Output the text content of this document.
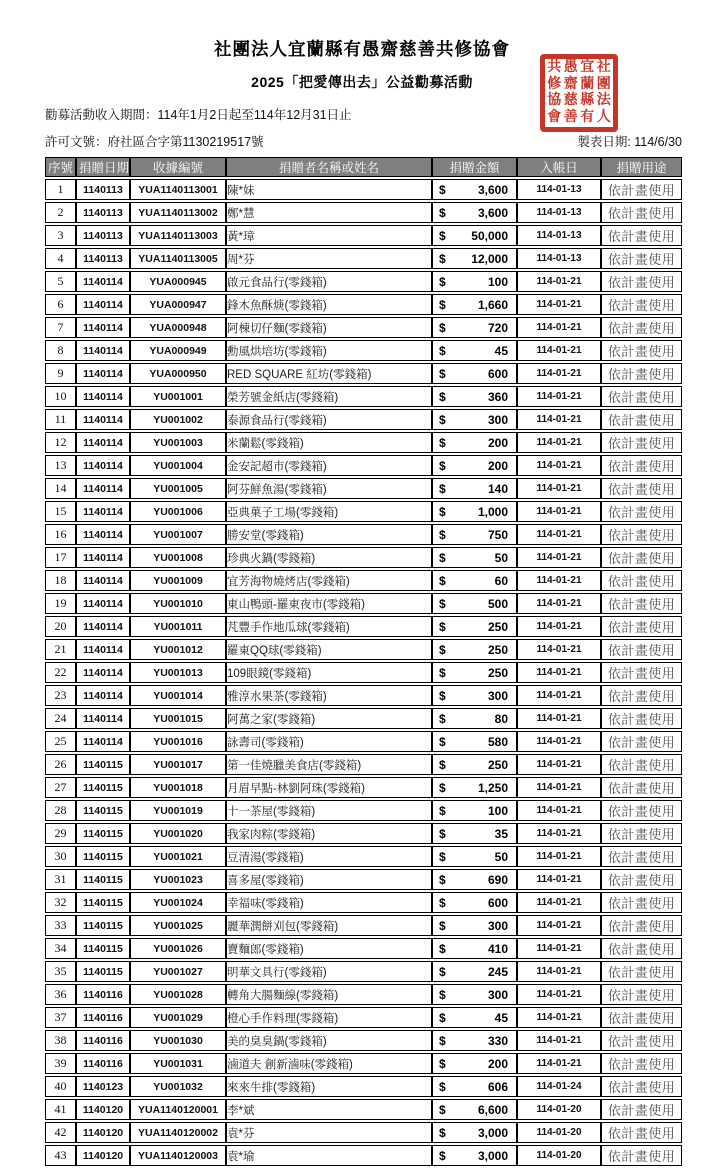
共 愚 宜 社
修 齋 蘭 團
協 慈 縣 法
會 善 有 人
社團法人宜蘭縣有愚齋慈善共修協會
2025「把愛傳出去」公益勸募活動
勸募活動收入期間：114年1月2日起至114年12月31日止
許可文號：府社區合字第1130219517號	製表日期: 114/6/30
序號	捐贈日期	收據編號	捐贈者名稱或姓名	捐贈金額	入帳日	捐贈用途
1	1140113	YUA1140113001	陳*妹	$ 3,600	114-01-13	依計畫使用
2	1140113	YUA1140113002	鄭*慧	$ 3,600	114-01-13	依計畫使用
3	1140113	YUA1140113003	黃*璋	$ 50,000	114-01-13	依計畫使用
4	1140113	YUA1140113005	周*芬	$ 12,000	114-01-13	依計畫使用
5	1140114	YUA000945	啟元食品行(零錢箱)	$ 100	114-01-21	依計畫使用
6	1140114	YUA000947	鋒木魚酥焿(零錢箱)	$ 1,660	114-01-21	依計畫使用
7	1140114	YUA000948	阿棟切仔麵(零錢箱)	$ 720	114-01-21	依計畫使用
8	1140114	YUA000949	勳風烘培坊(零錢箱)	$ 45	114-01-21	依計畫使用
9	1140114	YUA000950	RED SQUARE 紅坊(零錢箱)	$ 600	114-01-21	依計畫使用
10	1140114	YU001001	榮芳號金紙店(零錢箱)	$ 360	114-01-21	依計畫使用
11	1140114	YU001002	泰源食品行(零錢箱)	$ 300	114-01-21	依計畫使用
12	1140114	YU001003	米蘭鬆(零錢箱)	$ 200	114-01-21	依計畫使用
13	1140114	YU001004	金安記超市(零錢箱)	$ 200	114-01-21	依計畫使用
14	1140114	YU001005	阿芬鮮魚湯(零錢箱)	$ 140	114-01-21	依計畫使用
15	1140114	YU001006	亞典菓子工場(零錢箱)	$ 1,000	114-01-21	依計畫使用
16	1140114	YU001007	勝安堂(零錢箱)	$ 750	114-01-21	依計畫使用
17	1140114	YU001008	珍典火鍋(零錢箱)	$ 50	114-01-21	依計畫使用
18	1140114	YU001009	宜芳海物燒烤店(零錢箱)	$ 60	114-01-21	依計畫使用
19	1140114	YU001010	東山鴨頭-羅東夜市(零錢箱)	$ 500	114-01-21	依計畫使用
20	1140114	YU001011	芃豐手作地瓜球(零錢箱)	$ 250	114-01-21	依計畫使用
21	1140114	YU001012	羅東QQ球(零錢箱)	$ 250	114-01-21	依計畫使用
22	1140114	YU001013	109眼鏡(零錢箱)	$ 250	114-01-21	依計畫使用
23	1140114	YU001014	雅淳水果茶(零錢箱)	$ 300	114-01-21	依計畫使用
24	1140114	YU001015	阿萬之家(零錢箱)	$ 80	114-01-21	依計畫使用
25	1140114	YU001016	詠壽司(零錢箱)	$ 580	114-01-21	依計畫使用
26	1140115	YU001017	第一佳燒臘美食店(零錢箱)	$ 250	114-01-21	依計畫使用
27	1140115	YU001018	月眉早點-林劉阿珠(零錢箱)	$ 1,250	114-01-21	依計畫使用
28	1140115	YU001019	十一茶屋(零錢箱)	$ 100	114-01-21	依計畫使用
29	1140115	YU001020	我家肉粽(零錢箱)	$ 35	114-01-21	依計畫使用
30	1140115	YU001021	豆清湯(零錢箱)	$ 50	114-01-21	依計畫使用
31	1140115	YU001023	喜多屋(零錢箱)	$ 690	114-01-21	依計畫使用
32	1140115	YU001024	幸福味(零錢箱)	$ 600	114-01-21	依計畫使用
33	1140115	YU001025	麗華潤餅刈包(零錢箱)	$ 300	114-01-21	依計畫使用
34	1140115	YU001026	賣麵郎(零錢箱)	$ 410	114-01-21	依計畫使用
35	1140115	YU001027	明華文具行(零錢箱)	$ 245	114-01-21	依計畫使用
36	1140116	YU001028	轉角大腸麵線(零錢箱)	$ 300	114-01-21	依計畫使用
37	1140116	YU001029	橙心手作料理(零錢箱)	$ 45	114-01-21	依計畫使用
38	1140116	YU001030	美的臭臭鍋(零錢箱)	$ 330	114-01-21	依計畫使用
39	1140116	YU001031	滷道夫 創新滷味(零錢箱)	$ 200	114-01-21	依計畫使用
40	1140123	YU001032	來來牛排(零錢箱)	$ 606	114-01-24	依計畫使用
41	1140120	YUA1140120001	李*斌	$ 6,600	114-01-20	依計畫使用
42	1140120	YUA1140120002	袁*芬	$ 3,000	114-01-20	依計畫使用
43	1140120	YUA1140120003	袁*瑜	$ 3,000	114-01-20	依計畫使用
